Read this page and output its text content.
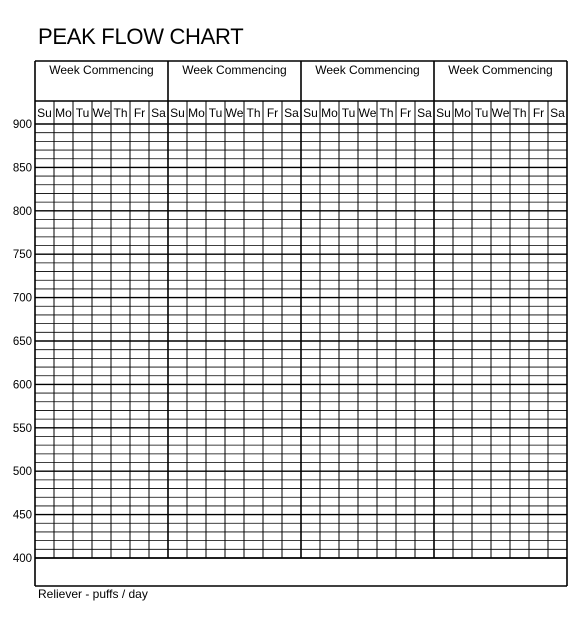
PEAK FLOW CHART
Week Commencing Week Commencing Week Commencing Week Commencing
Su Mo Tu We Th Fr Sa Su Mo Tu We Th Fr Sa Su Mo Tu We Th Fr Sa Su Mo Tu We Th Fr Sa
900
850
800
750
700
650
600
550
500
450
400
Reliever - puffs / day
